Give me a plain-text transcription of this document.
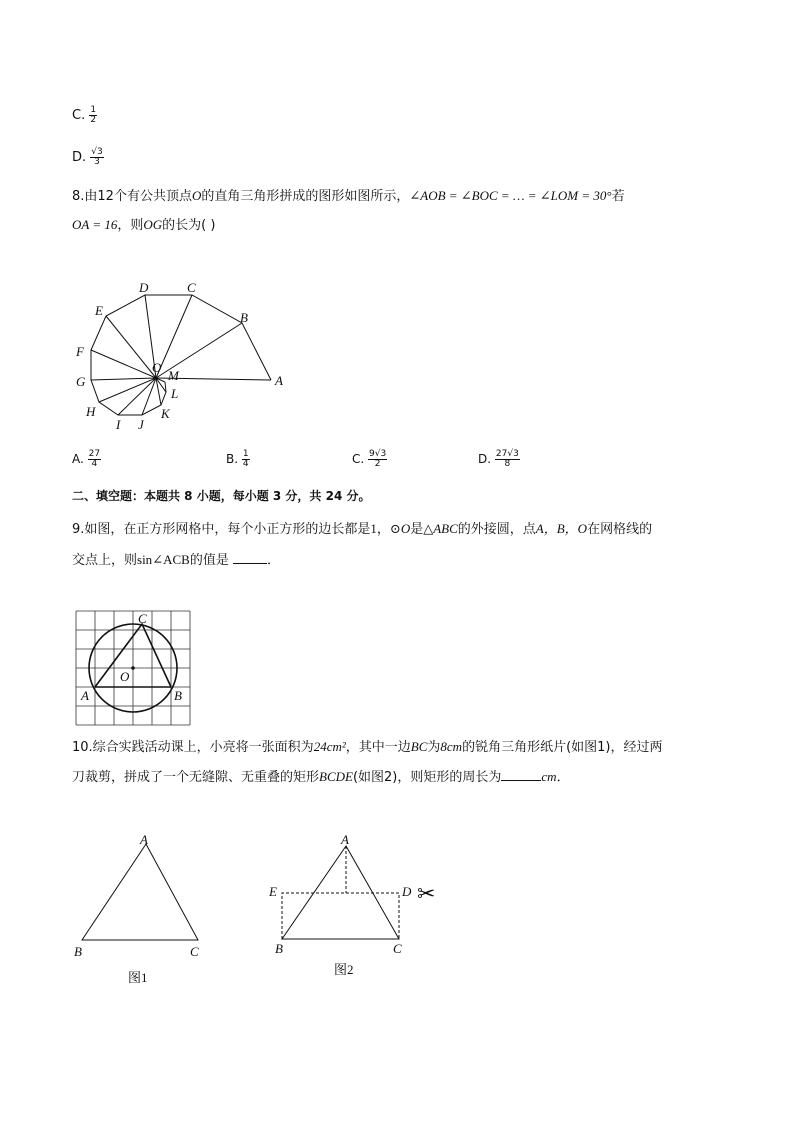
C. $\frac{1}{2}$
D. $\frac{√3}{3}$
8.由12个有公共顶点O的直角三角形拼成的图形如图所示，∠AOB = ∠BOC = … = ∠LOM = 30°若
OA = 16，则OG的长为( )
A
B
C
D
E
F
G
H
I J
K
L
M
O
A. $\frac{27}{4}$	B. $\frac{1}{4}$	C. $\frac{9√3}{2}$	D. $\frac{27√3}{8}$
二、填空题：本题共 8 小题，每小题 3 分，共 24 分。
9.如图，在正方形网格中，每个小正方形的边长都是1，⊙O是△ABC的外接圆，点A，B，O在网格线的
交点上，则sin∠ACB的值是	．
A	B
C
O
10.综合实践活动课上，小亮将一张面积为24cm²，其中一边BC为8cm的锐角三角形纸片(如图1)，经过两
刀裁剪，拼成了一个无缝隙、无重叠的矩形BCDE(如图2)，则矩形的周长为	cm．
A
B	C
图1
A
B	C
D
E	✂
图2
